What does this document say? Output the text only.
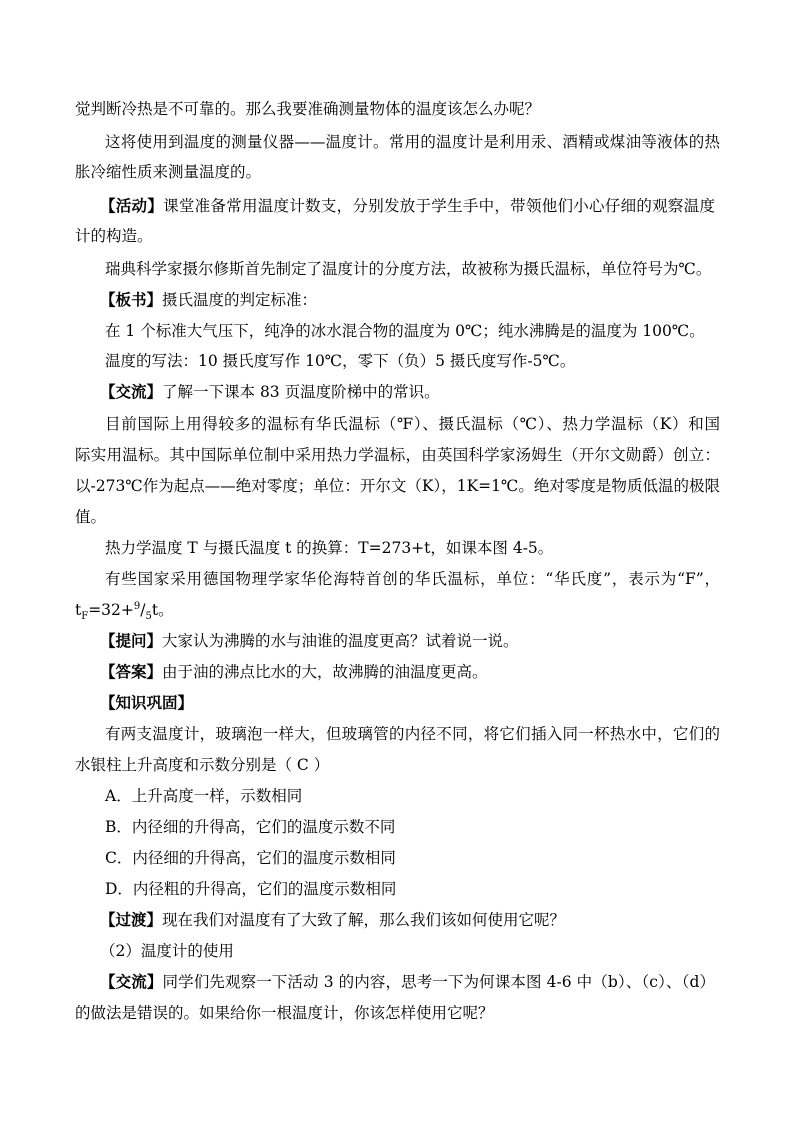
觉判断冷热是不可靠的。那么我要准确测量物体的温度该怎么办呢？
这将使用到温度的测量仪器——温度计。常用的温度计是利用汞、酒精或煤油等液体的热
胀冷缩性质来测量温度的。
【活动】课堂准备常用温度计数支，分别发放于学生手中，带领他们小心仔细的观察温度
计的构造。
瑞典科学家摄尔修斯首先制定了温度计的分度方法，故被称为摄氏温标，单位符号为℃。
【板书】摄氏温度的判定标准：
在 1 个标准大气压下，纯净的冰水混合物的温度为 0℃；纯水沸腾是的温度为 100℃。
温度的写法：10 摄氏度写作 10℃，零下（负）5 摄氏度写作-5℃。
【交流】了解一下课本 83 页温度阶梯中的常识。
目前国际上用得较多的温标有华氏温标（℉）、摄氏温标（℃）、热力学温标（K）和国
际实用温标。其中国际单位制中采用热力学温标，由英国科学家汤姆生（开尔文勋爵）创立：
以-273℃作为起点——绝对零度；单位：开尔文（K），1K=1℃。绝对零度是物质低温的极限
值。
热力学温度 T 与摄氏温度 t 的换算：T=273+t，如课本图 4-5。
有些国家采用德国物理学家华伦海特首创的华氏温标，单位：“华氏度”，表示为“F”，
$t_F=32+^9/_5t$。
【提问】大家认为沸腾的水与油谁的温度更高？试着说一说。
【答案】由于油的沸点比水的大，故沸腾的油温度更高。
【知识巩固】
有两支温度计，玻璃泡一样大，但玻璃管的内径不同，将它们插入同一杯热水中，它们的
水银柱上升高度和示数分别是（ C ）
A．上升高度一样，示数相同
B．内径细的升得高，它们的温度示数不同
C．内径细的升得高，它们的温度示数相同
D．内径粗的升得高，它们的温度示数相同
【过渡】现在我们对温度有了大致了解，那么我们该如何使用它呢？
（2）温度计的使用
【交流】同学们先观察一下活动 3 的内容，思考一下为何课本图 4-6 中（b）、（c）、（d）
的做法是错误的。如果给你一根温度计，你该怎样使用它呢？
